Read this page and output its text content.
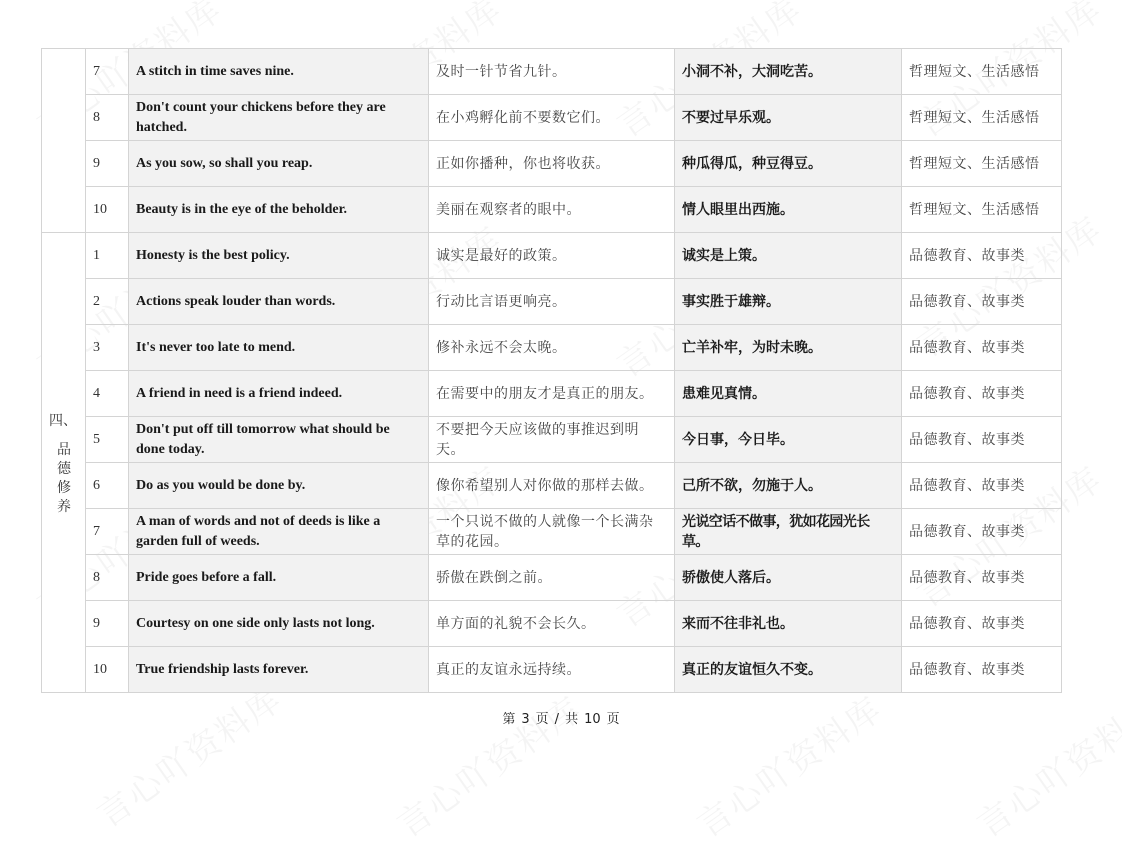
	7	A stitch in time saves nine.	及时一针节省九针。	小洞不补，大洞吃苦。	哲理短文、生活感悟
	8	Don't count your chickens before they are hatched.	在小鸡孵化前不要数它们。	不要过早乐观。	哲理短文、生活感悟
	9	As you sow, so shall you reap.	正如你播种，你也将收获。	种瓜得瓜，种豆得豆。	哲理短文、生活感悟
	10	Beauty is in the eye of the beholder.	美丽在观察者的眼中。	情人眼里出西施。	哲理短文、生活感悟

四、
品
德
修
养	1	Honesty is the best policy.	诚实是最好的政策。	诚实是上策。	品德教育、故事类
	2	Actions speak louder than words.	行动比言语更响亮。	事实胜于雄辩。	品德教育、故事类
	3	It's never too late to mend.	修补永远不会太晚。	亡羊补牢，为时未晚。	品德教育、故事类
	4	A friend in need is a friend indeed.	在需要中的朋友才是真正的朋友。	患难见真情。	品德教育、故事类
	5	Don't put off till tomorrow what should be done today.	不要把今天应该做的事推迟到明天。	今日事，今日毕。	品德教育、故事类
	6	Do as you would be done by.	像你希望别人对你做的那样去做。	己所不欲，勿施于人。	品德教育、故事类
	7	A man of words and not of deeds is like a garden full of weeds.	一个只说不做的人就像一个长满杂草的花园。	光说空话不做事，犹如花园光长草。	品德教育、故事类
	8	Pride goes before a fall.	骄傲在跌倒之前。	骄傲使人落后。	品德教育、故事类
	9	Courtesy on one side only lasts not long.	单方面的礼貌不会长久。	来而不往非礼也。	品德教育、故事类
	10	True friendship lasts forever.	真正的友谊永远持续。	真正的友谊恒久不变。	品德教育、故事类
第 3 页 / 共 10 页
